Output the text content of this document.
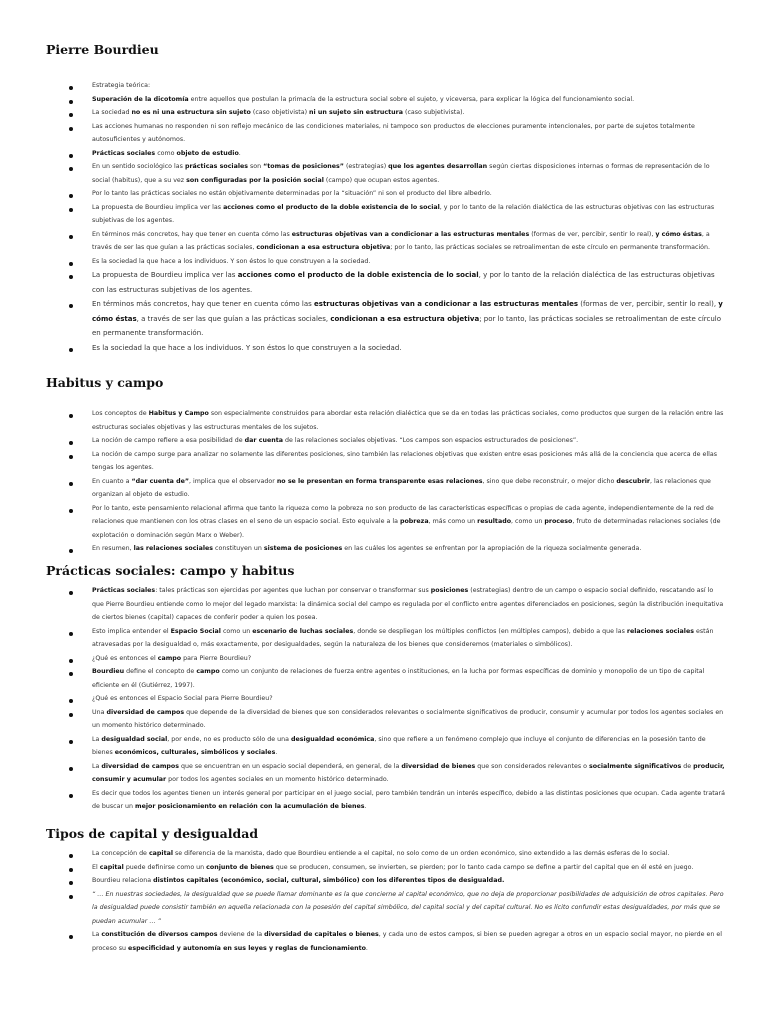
Pierre Bourdieu
Estrategia teórica:
Superación de la dicotomía entre aquellos que postulan la primacía de la estructura social sobre el sujeto, y viceversa, para explicar la lógica del funcionamiento social.
La sociedad no es ni una estructura sin sujeto (caso objetivista) ni un sujeto sin estructura (caso subjetivista).
Las acciones humanas no responden ni son reflejo mecánico de las condiciones materiales, ni tampoco son productos de elecciones puramente intencionales, por parte de sujetos totalmente autosuficientes y autónomos.
Prácticas sociales como objeto de estudio.
En un sentido sociológico las prácticas sociales son “tomas de posiciones” (estrategias) que los agentes desarrollan según ciertas disposiciones internas o formas de representación de lo social (habitus), que a su vez son configuradas por la posición social (campo) que ocupan estos agentes.
Por lo tanto las prácticas sociales no están objetivamente determinadas por la “situación” ni son el producto del libre albedrío.
La propuesta de Bourdieu implica ver las acciones como el producto de la doble existencia de lo social, y por lo tanto de la relación dialéctica de las estructuras objetivas con las estructuras subjetivas de los agentes.
En términos más concretos, hay que tener en cuenta cómo las estructuras objetivas van a condicionar a las estructuras mentales (formas de ver, percibir, sentir lo real), y cómo éstas, a través de ser las que guían a las prácticas sociales, condicionan a esa estructura objetiva; por lo tanto, las prácticas sociales se retroalimentan de este círculo en permanente transformación.
Es la sociedad la que hace a los individuos. Y son éstos lo que construyen a la sociedad.
La propuesta de Bourdieu implica ver las acciones como el producto de la doble existencia de lo social, y por lo tanto de la relación dialéctica de las estructuras objetivas con las estructuras subjetivas de los agentes.
En términos más concretos, hay que tener en cuenta cómo las estructuras objetivas van a condicionar a las estructuras mentales (formas de ver, percibir, sentir lo real), y cómo éstas, a través de ser las que guían a las prácticas sociales, condicionan a esa estructura objetiva; por lo tanto, las prácticas sociales se retroalimentan de este círculo en permanente transformación.
Es la sociedad la que hace a los individuos. Y son éstos lo que construyen a la sociedad.
Habitus y campo
Los conceptos de Habitus y Campo son especialmente construidos para abordar esta relación dialéctica que se da en todas las prácticas sociales, como productos que surgen de la relación entre las estructuras sociales objetivas y las estructuras mentales de los sujetos.
La noción de campo refiere a esa posibilidad de dar cuenta de las relaciones sociales objetivas. “Los campos son espacios estructurados de posiciones”.
La noción de campo surge para analizar no solamente las diferentes posiciones, sino también las relaciones objetivas que existen entre esas posiciones más allá de la conciencia que acerca de ellas tengas los agentes.
En cuanto a “dar cuenta de”, implica que el observador no se le presentan en forma transparente esas relaciones, sino que debe reconstruir, o mejor dicho descubrir, las relaciones que organizan al objeto de estudio.
Por lo tanto, este pensamiento relacional afirma que tanto la riqueza como la pobreza no son producto de las características específicas o propias de cada agente, independientemente de la red de relaciones que mantienen con los otras clases en el seno de un espacio social. Esto equivale a la pobreza, más como un resultado, como un proceso, fruto de determinadas relaciones sociales (de explotación o dominación según Marx o Weber).
En resumen, las relaciones sociales constituyen un sistema de posiciones en las cuáles los agentes se enfrentan por la apropiación de la riqueza socialmente generada.
Prácticas sociales: campo y habitus
Prácticas sociales: tales prácticas son ejercidas por agentes que luchan por conservar o transformar sus posiciones (estrategias) dentro de un campo o espacio social definido, rescatando así lo que Pierre Bourdieu entiende como lo mejor del legado marxista: la dinámica social del campo es regulada por el conflicto entre agentes diferenciados en posiciones, según la distribución inequitativa de ciertos bienes (capital) capaces de conferir poder a quien los posea.
Esto implica entender el Espacio Social como un escenario de luchas sociales, donde se despliegan los múltiples conflictos (en múltiples campos), debido a que las relaciones sociales están atravesadas por la desigualdad o, más exactamente, por desigualdades, según la naturaleza de los bienes que consideremos (materiales o simbólicos).
¿Qué es entonces el campo para Pierre Bourdieu?
Bourdieu define el concepto de campo como un conjunto de relaciones de fuerza entre agentes o instituciones, en la lucha por formas específicas de dominio y monopolio de un tipo de capital eficiente en él (Gutiérrez, 1997).
¿Qué es entonces el Espacio Social para Pierre Bourdieu?
Una diversidad de campos que depende de la diversidad de bienes que son considerados relevantes o socialmente significativos de producir, consumir y acumular por todos los agentes sociales en un momento histórico determinado.
La desigualdad social, por ende, no es producto sólo de una desigualdad económica, sino que refiere a un fenómeno complejo que incluye el conjunto de diferencias en la posesión tanto de bienes económicos, culturales, simbólicos y sociales.
La diversidad de campos que se encuentran en un espacio social dependerá, en general, de la diversidad de bienes que son considerados relevantes o socialmente significativos de producir, consumir y acumular por todos los agentes sociales en un momento histórico determinado.
Es decir que todos los agentes tienen un interés general por participar en el juego social, pero también tendrán un interés específico, debido a las distintas posiciones que ocupan. Cada agente tratará de buscar un mejor posicionamiento en relación con la acumulación de bienes.
Tipos de capital y desigualdad
La concepción de capital se diferencia de la marxista, dado que Bourdieu entiende a el capital, no solo como de un orden económico, sino extendido a las demás esferas de lo social.
El capital puede definirse como un conjunto de bienes que se producen, consumen, se invierten, se pierden; por lo tanto cada campo se define a partir del capital que en él esté en juego.
Bourdieu relaciona distintos capitales (económico, social, cultural, simbólico) con los diferentes tipos de desigualdad.
“ … En nuestras sociedades, la desigualdad que se puede llamar dominante es la que concierne al capital económico, que no deja de proporcionar posibilidades de adquisición de otros capitales. Pero la desigualdad puede consistir también en aquella relacionada con la posesión del capital simbólico, del capital social y del capital cultural. No es lícito confundir estas desigualdades, por más que se puedan acumular … ”
La constitución de diversos campos deviene de la diversidad de capitales o bienes, y cada uno de estos campos, si bien se pueden agregar a otros en un espacio social mayor, no pierde en el proceso su especificidad y autonomía en sus leyes y reglas de funcionamiento.
